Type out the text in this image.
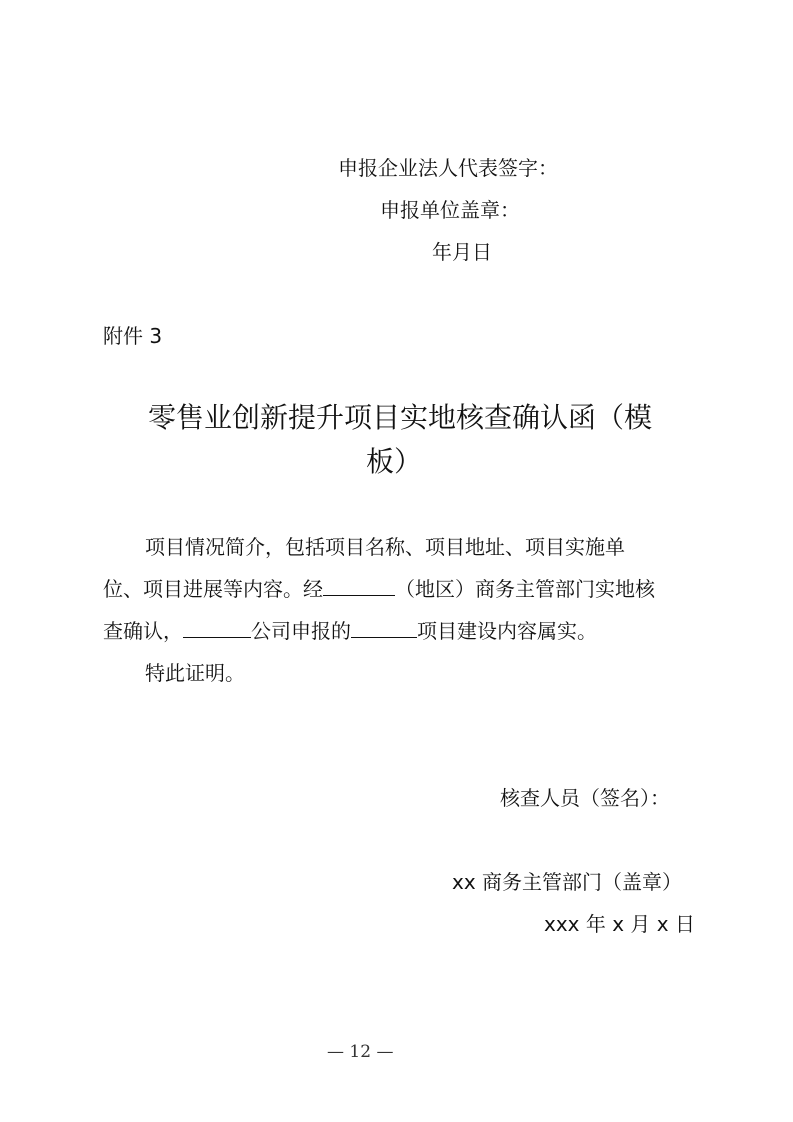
申报企业法人代表签字：
申报单位盖章：
年月日
附件 3
零售业创新提升项目实地核查确认函（模
板）
项目情况简介，包括项目名称、项目地址、项目实施单
位、项目进展等内容。经	（地区）商务主管部门实地核
查确认，	公司申报的	项目建设内容属实。
特此证明。
核查人员（签名）：
xx 商务主管部门（盖章）
xxx 年 x 月 x 日
— 12 —
